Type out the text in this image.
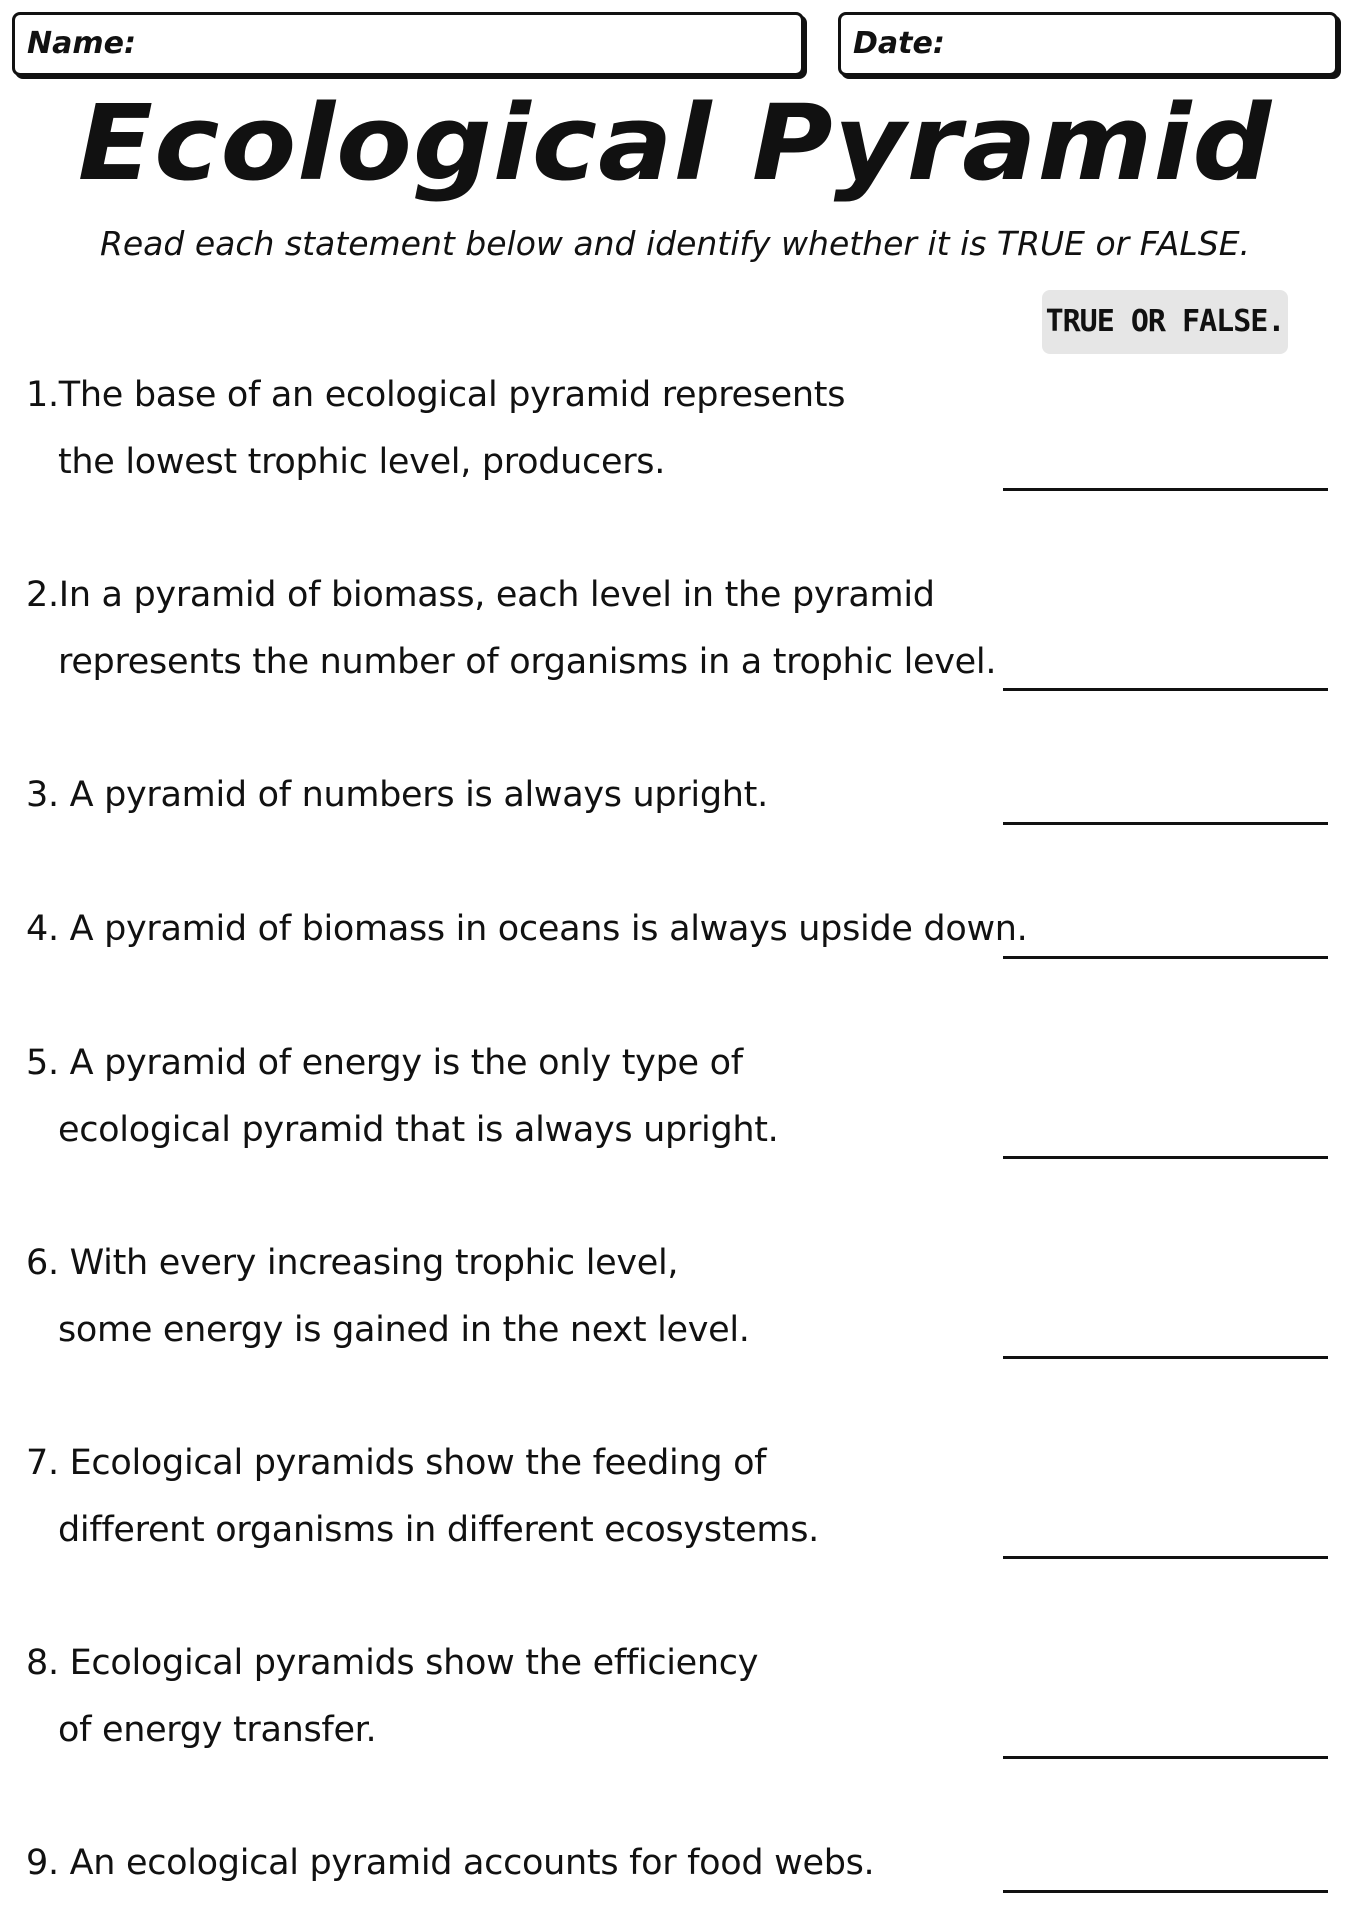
Name:	Date:
Ecological Pyramid
Read each statement below and identify whether it is TRUE or FALSE.
TRUE OR FALSE.
1.The base of an ecological pyramid represents
the lowest trophic level, producers.
2.In a pyramid of biomass, each level in the pyramid
represents the number of organisms in a trophic level.
3. A pyramid of numbers is always upright.
4. A pyramid of biomass in oceans is always upside down.
5. A pyramid of energy is the only type of
ecological pyramid that is always upright.
6. With every increasing trophic level,
some energy is gained in the next level.
7. Ecological pyramids show the feeding of
different organisms in different ecosystems.
8. Ecological pyramids show the efficiency
of energy transfer.
9. An ecological pyramid accounts for food webs.
